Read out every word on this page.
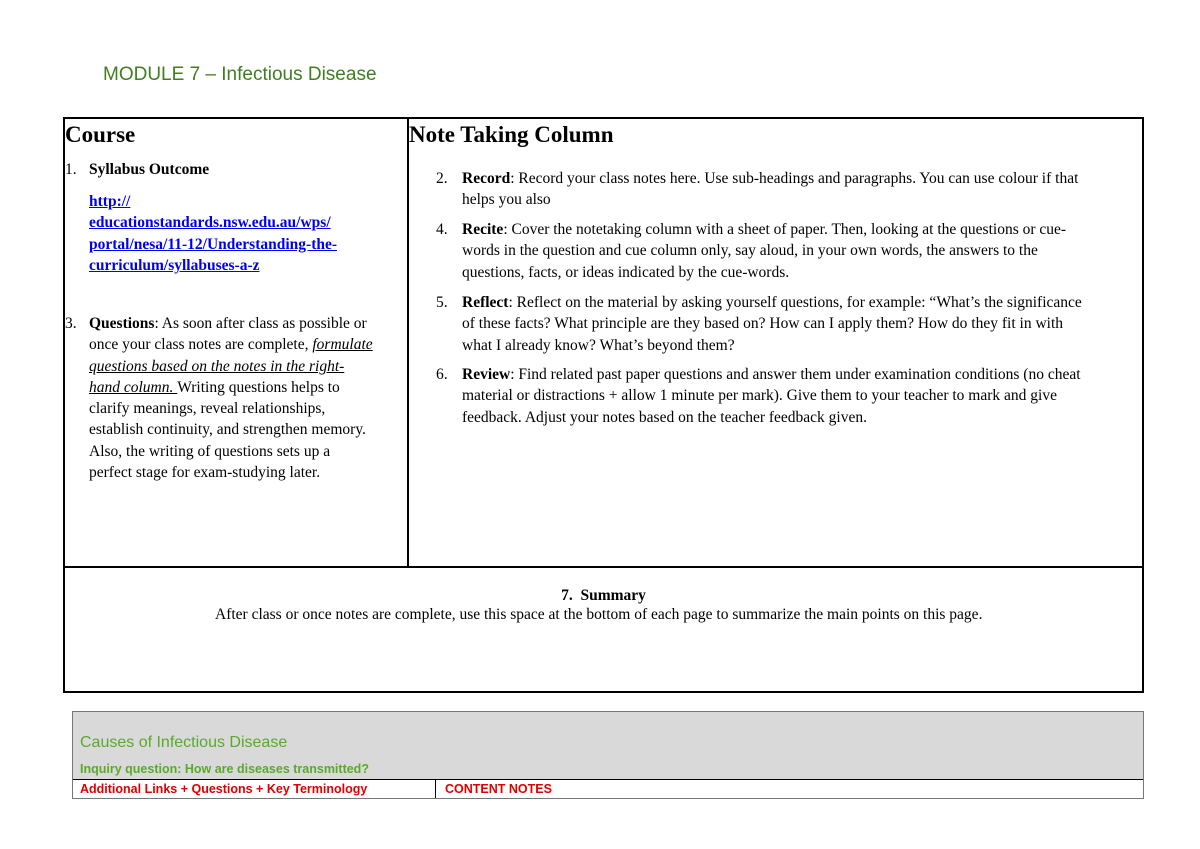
MODULE 7 – Infectious Disease
Course
1. Syllabus Outcome
http://
educationstandards.nsw.edu.au/wps/
portal/nesa/11-12/Understanding-the-
curriculum/syllabuses-a-z
3. Questions: As soon after class as possible or once your class notes are complete, formulate questions based on the notes in the right-hand column. Writing questions helps to clarify meanings, reveal relationships, establish continuity, and strengthen memory. Also, the writing of questions sets up a perfect stage for exam-studying later.
Note Taking Column
2. Record: Record your class notes here. Use sub-headings and paragraphs. You can use colour if that helps you also
4. Recite: Cover the notetaking column with a sheet of paper. Then, looking at the questions or cue-words in the question and cue column only, say aloud, in your own words, the answers to the questions, facts, or ideas indicated by the cue-words.
5. Reflect: Reflect on the material by asking yourself questions, for example: “What’s the significance of these facts? What principle are they based on? How can I apply them? How do they fit in with what I already know? What’s beyond them?
6. Review: Find related past paper questions and answer them under examination conditions (no cheat material or distractions + allow 1 minute per mark). Give them to your teacher to mark and give feedback. Adjust your notes based on the teacher feedback given.
7. Summary
After class or once notes are complete, use this space at the bottom of each page to summarize the main points on this page.
Causes of Infectious Disease
Inquiry question: How are diseases transmitted?
Additional Links + Questions + Key Terminology	CONTENT NOTES
